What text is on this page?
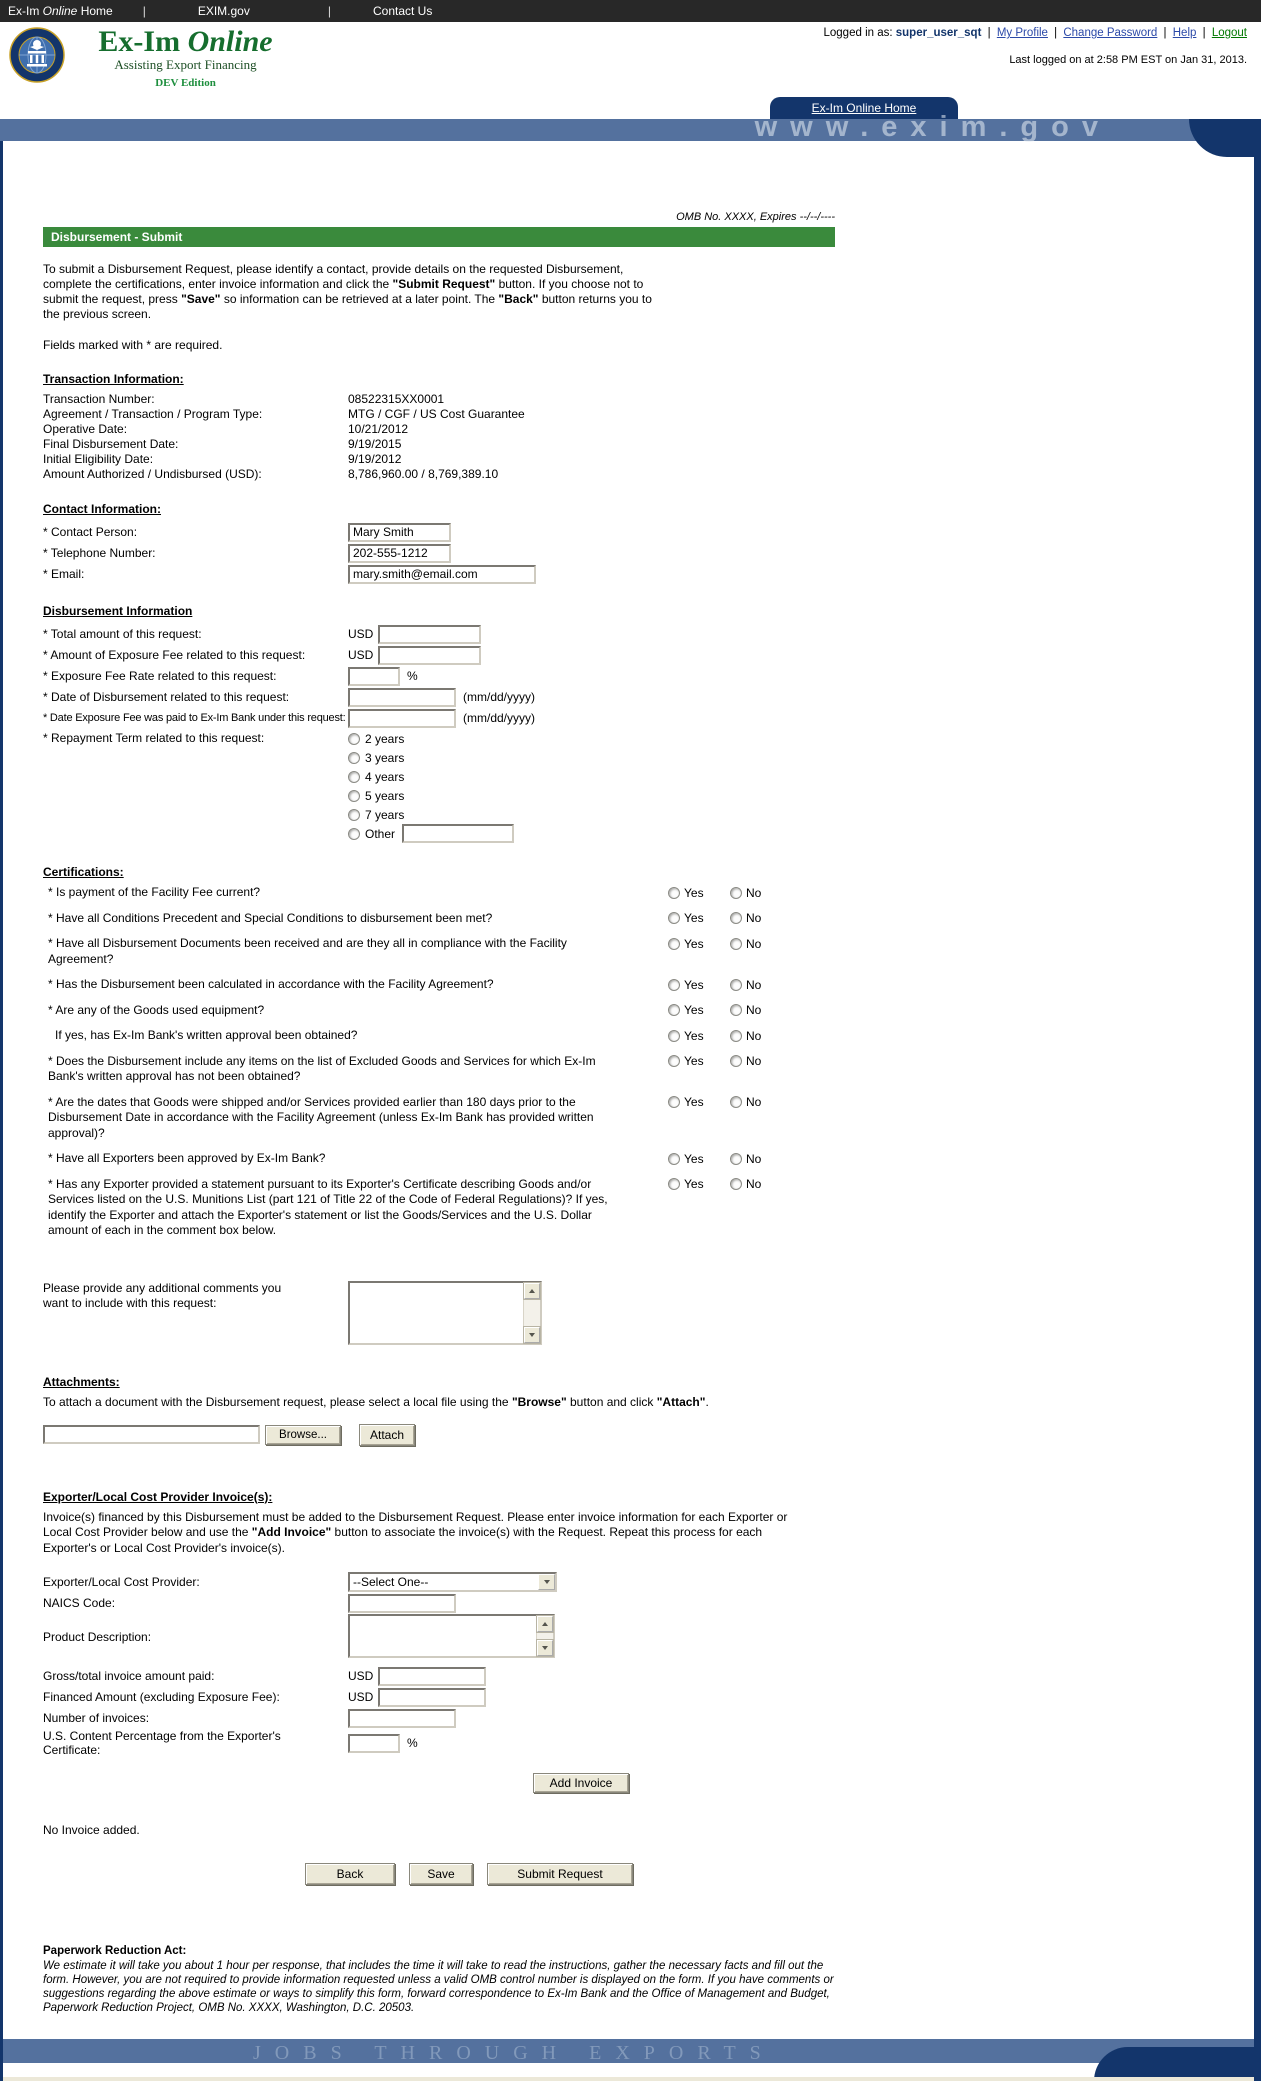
Ex-Im Online Home	|	EXIM.gov	|	Contact Us
Ex-Im Online
Assisting Export Financing
DEV Edition
Logged in as: super_user_sqt | My Profile | Change Password | Help | Logout
Last logged on at 2:58 PM EST on Jan 31, 2013.
Ex-Im Online Home
www.exim.gov
OMB No. XXXX, Expires --/--/----
Disbursement - Submit
To submit a Disbursement Request, please identify a contact, provide details on the requested Disbursement, complete the certifications, enter invoice information and click the "Submit Request" button. If you choose not to submit the request, press "Save" so information can be retrieved at a later point. The "Back" button returns you to the previous screen.
Fields marked with * are required.
Transaction Information:
Transaction Number:	08522315XX0001
Agreement / Transaction / Program Type:	MTG / CGF / US Cost Guarantee
Operative Date:	10/21/2012
Final Disbursement Date:	9/19/2015
Initial Eligibility Date:	9/19/2012
Amount Authorized / Undisbursed (USD):	8,786,960.00 / 8,769,389.10
Contact Information:
* Contact Person:
Mary Smith
* Telephone Number:
202-555-1212
* Email:
mary.smith@email.com
Disbursement Information
* Total amount of this request:	USD
* Amount of Exposure Fee related to this request:	USD
* Exposure Fee Rate related to this request:	%
* Date of Disbursement related to this request:	(mm/dd/yyyy)
* Date Exposure Fee was paid to Ex-Im Bank under this request:	(mm/dd/yyyy)
* Repayment Term related to this request:	2 years
3 years
4 years
5 years
7 years
Other
Certifications:
* Is payment of the Facility Fee current?	Yes	No
* Have all Conditions Precedent and Special Conditions to disbursement been met?	Yes	No
* Have all Disbursement Documents been received and are they all in compliance with the Facility Agreement?
Yes	No
* Has the Disbursement been calculated in accordance with the Facility Agreement?	Yes	No
* Are any of the Goods used equipment?	Yes	No
If yes, has Ex-Im Bank's written approval been obtained?	Yes	No
* Does the Disbursement include any items on the list of Excluded Goods and Services for which Ex-Im Bank's written approval has not been obtained?
Yes	No
* Are the dates that Goods were shipped and/or Services provided earlier than 180 days prior to the Disbursement Date in accordance with the Facility Agreement (unless Ex-Im Bank has provided written approval)?
Yes	No
* Have all Exporters been approved by Ex-Im Bank?	Yes	No
* Has any Exporter provided a statement pursuant to its Exporter's Certificate describing Goods and/or Services listed on the U.S. Munitions List (part 121 of Title 22 of the Code of Federal Regulations)? If yes, identify the Exporter and attach the Exporter's statement or list the Goods/Services and the U.S. Dollar amount of each in the comment box below.
Yes	No
Please provide any additional comments you want to include with this request:
Attachments:
To attach a document with the Disbursement request, please select a local file using the "Browse" button and click "Attach".
Browse...	Attach
Exporter/Local Cost Provider Invoice(s):
Invoice(s) financed by this Disbursement must be added to the Disbursement Request. Please enter invoice information for each Exporter or Local Cost Provider below and use the "Add Invoice" button to associate the invoice(s) with the Request. Repeat this process for each Exporter's or Local Cost Provider's invoice(s).
Exporter/Local Cost Provider:	--Select One--
NAICS Code:
Product Description:
Gross/total invoice amount paid:	USD
Financed Amount (excluding Exposure Fee):	USD
Number of invoices:
U.S. Content Percentage from the Exporter's Certificate:	%
Add Invoice
No Invoice added.
Back	Save	Submit Request
Paperwork Reduction Act:
We estimate it will take you about 1 hour per response, that includes the time it will take to read the instructions, gather the necessary facts and fill out the form. However, you are not required to provide information requested unless a valid OMB control number is displayed on the form. If you have comments or suggestions regarding the above estimate or ways to simplify this form, forward correspondence to Ex-Im Bank and the Office of Management and Budget, Paperwork Reduction Project, OMB No. XXXX, Washington, D.C. 20503.
JOBS THROUGH EXPORTS
